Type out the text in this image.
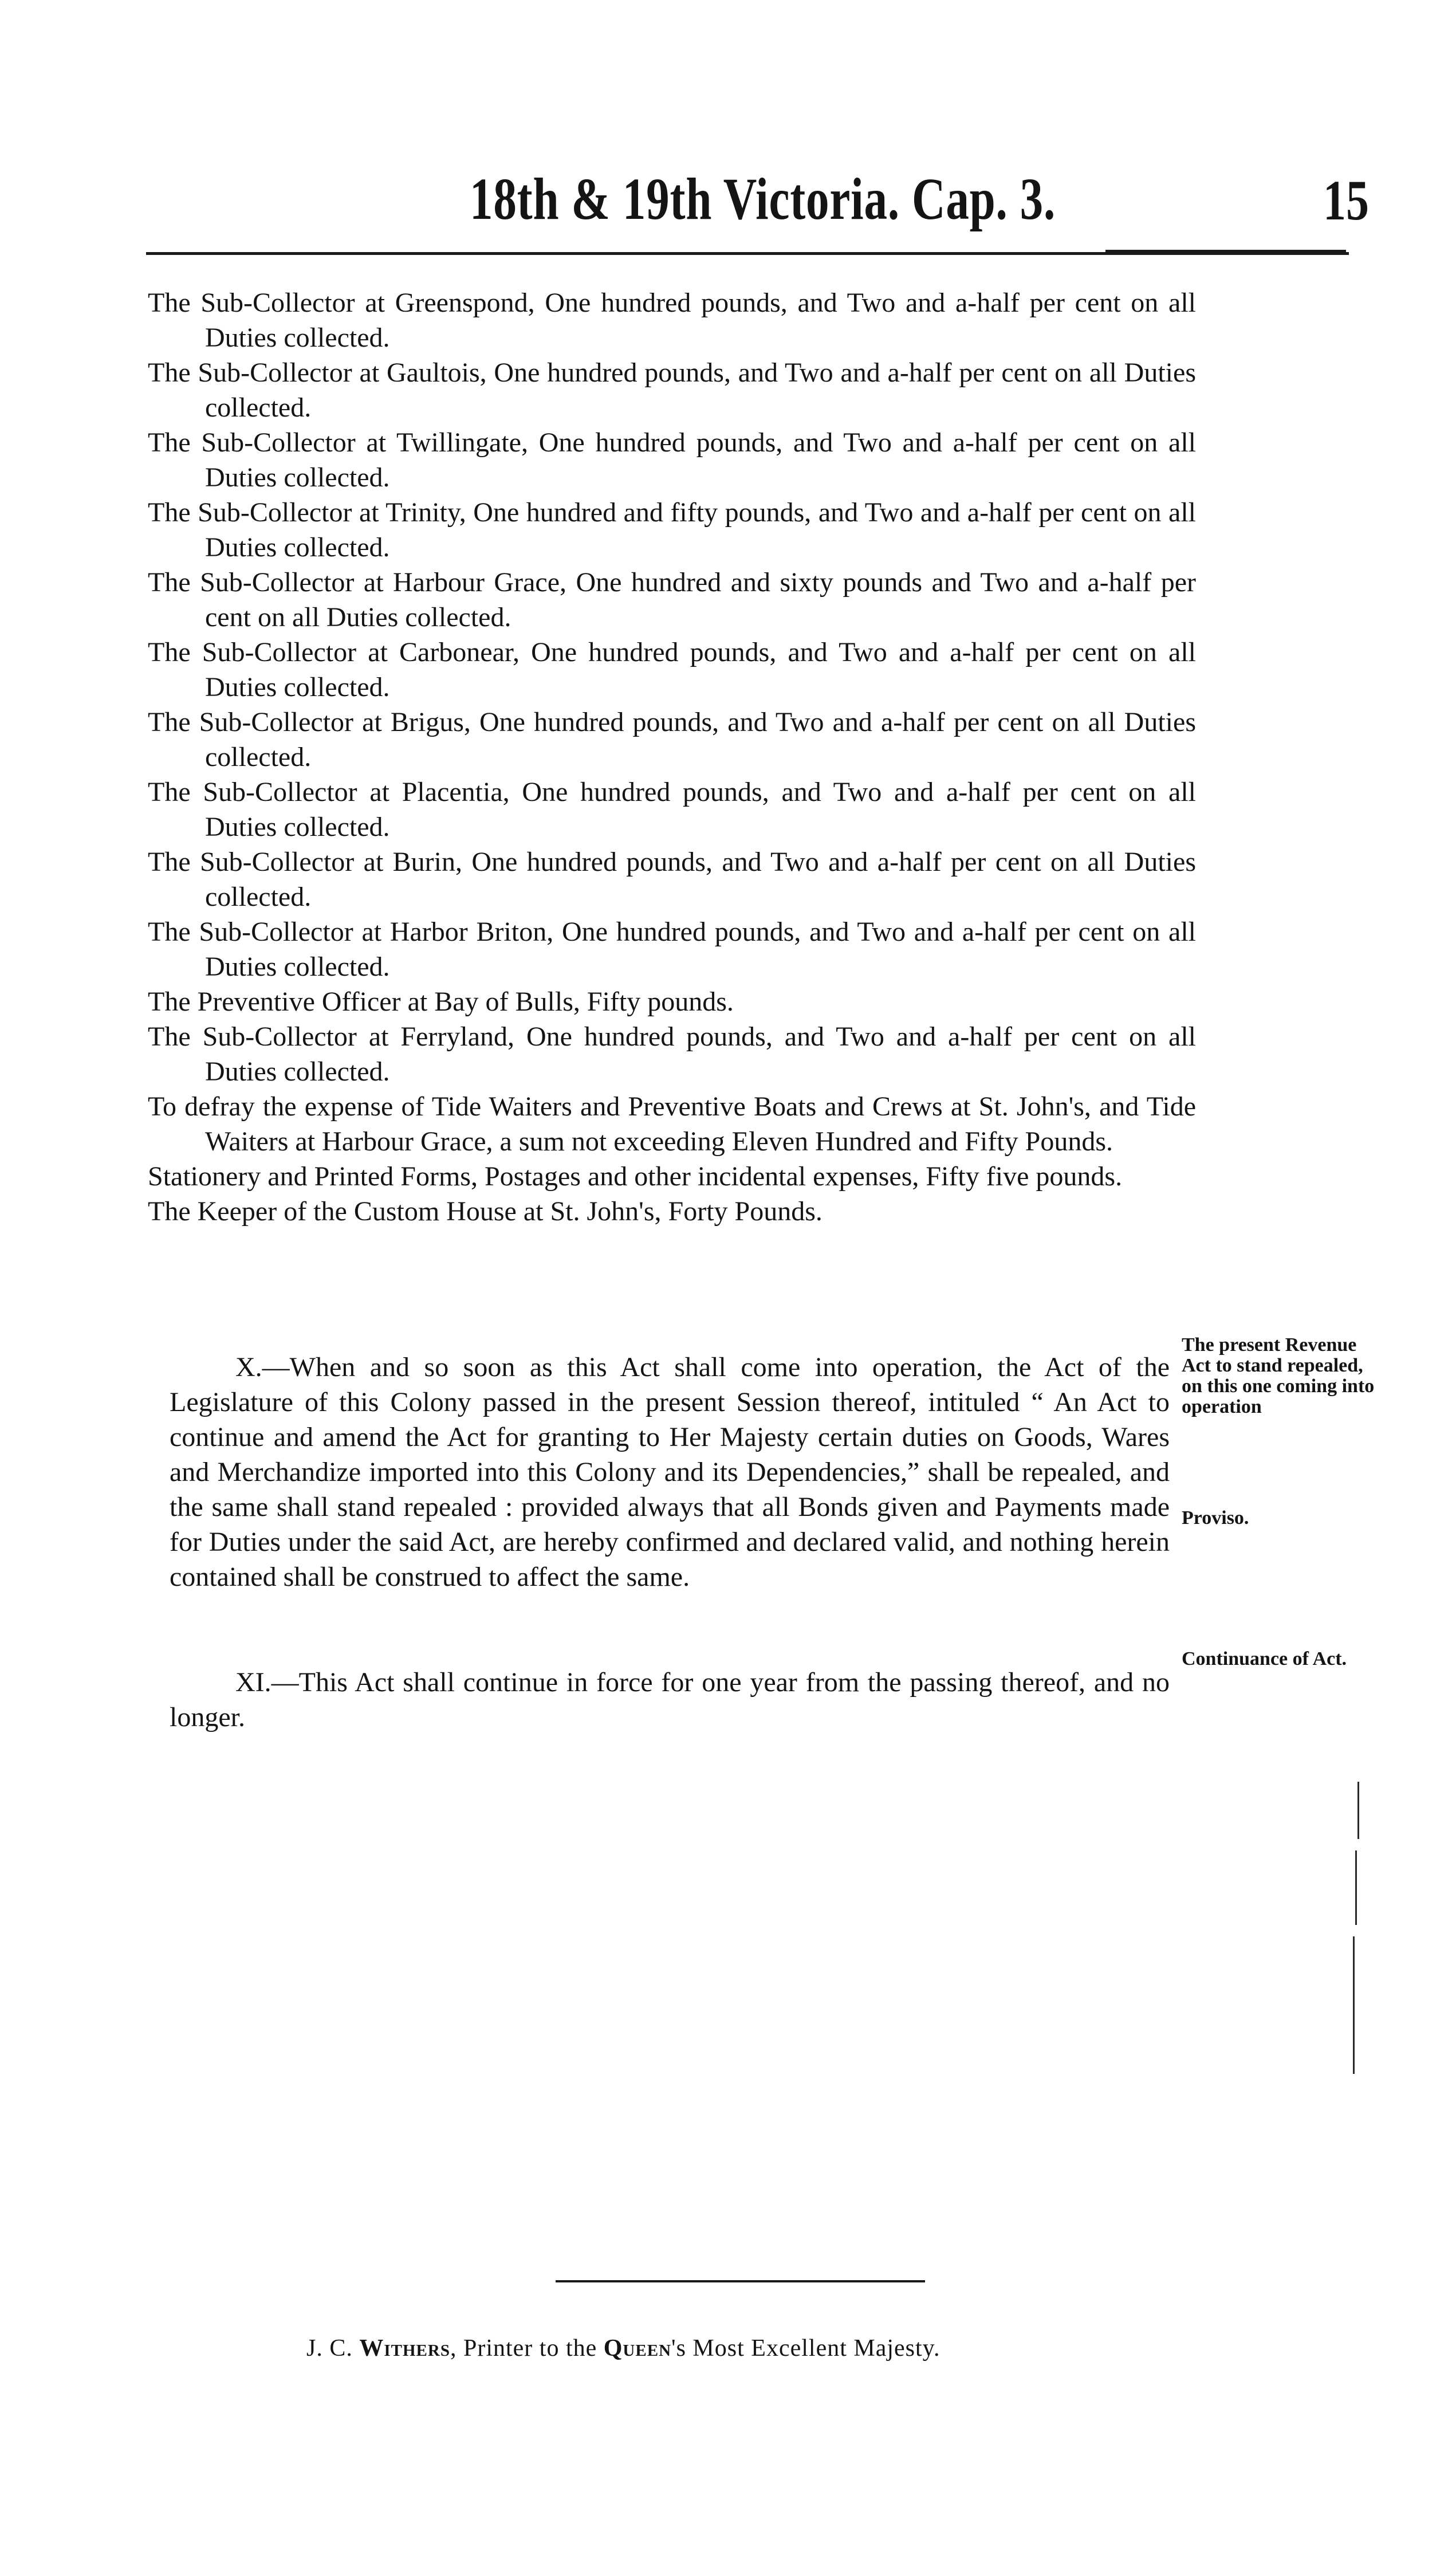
18th & 19th Victoria. Cap. 3.	15

The Sub-Collector at Greenspond, One hundred pounds, and Two and a-half per cent on all Duties collected.

The Sub-Collector at Gaultois, One hundred pounds, and Two and a-half per cent on all Duties collected.

The Sub-Collector at Twillingate, One hundred pounds, and Two and a-half per cent on all Duties collected.

The Sub-Collector at Trinity, One hundred and fifty pounds, and Two and a-half per cent on all Duties collected.

The Sub-Collector at Harbour Grace, One hundred and sixty pounds and Two and a-half per cent on all Duties collected.

The Sub-Collector at Carbonear, One hundred pounds, and Two and a-half per cent on all Duties collected.

The Sub-Collector at Brigus, One hundred pounds, and Two and a-half per cent on all Duties collected.

The Sub-Collector at Placentia, One hundred pounds, and Two and a-half per cent on all Duties collected.

The Sub-Collector at Burin, One hundred pounds, and Two and a-half per cent on all Duties collected.

The Sub-Collector at Harbor Briton, One hundred pounds, and Two and a-half per cent on all Duties collected.

The Preventive Officer at Bay of Bulls, Fifty pounds.

The Sub-Collector at Ferryland, One hundred pounds, and Two and a-half per cent on all Duties collected.

To defray the expense of Tide Waiters and Preventive Boats and Crews at St. John's, and Tide Waiters at Harbour Grace, a sum not exceeding Eleven Hundred and Fifty Pounds.

Stationery and Printed Forms, Postages and other incidental expenses, Fifty five pounds.

The Keeper of the Custom House at St. John's, Forty Pounds.

X.—When and so soon as this Act shall come into operation, the Act of the Legislature of this Colony passed in the present Session thereof, intituled “ An Act to continue and amend the Act for granting to Her Majesty certain duties on Goods, Wares and Merchandize imported into this Colony and its Dependencies,” shall be repealed, and the same shall stand repealed : provided always that all Bonds given and Payments made for Duties under the said Act, are hereby confirmed and declared valid, and nothing herein contained shall be construed to affect the same.

The present Revenue Act to stand repealed, on this one coming into operation
Proviso.

XI.—This Act shall continue in force for one year from the passing thereof, and no longer.

Continuance of Act.
J. C. Withers, Printer to the Queen's Most Excellent Majesty.
